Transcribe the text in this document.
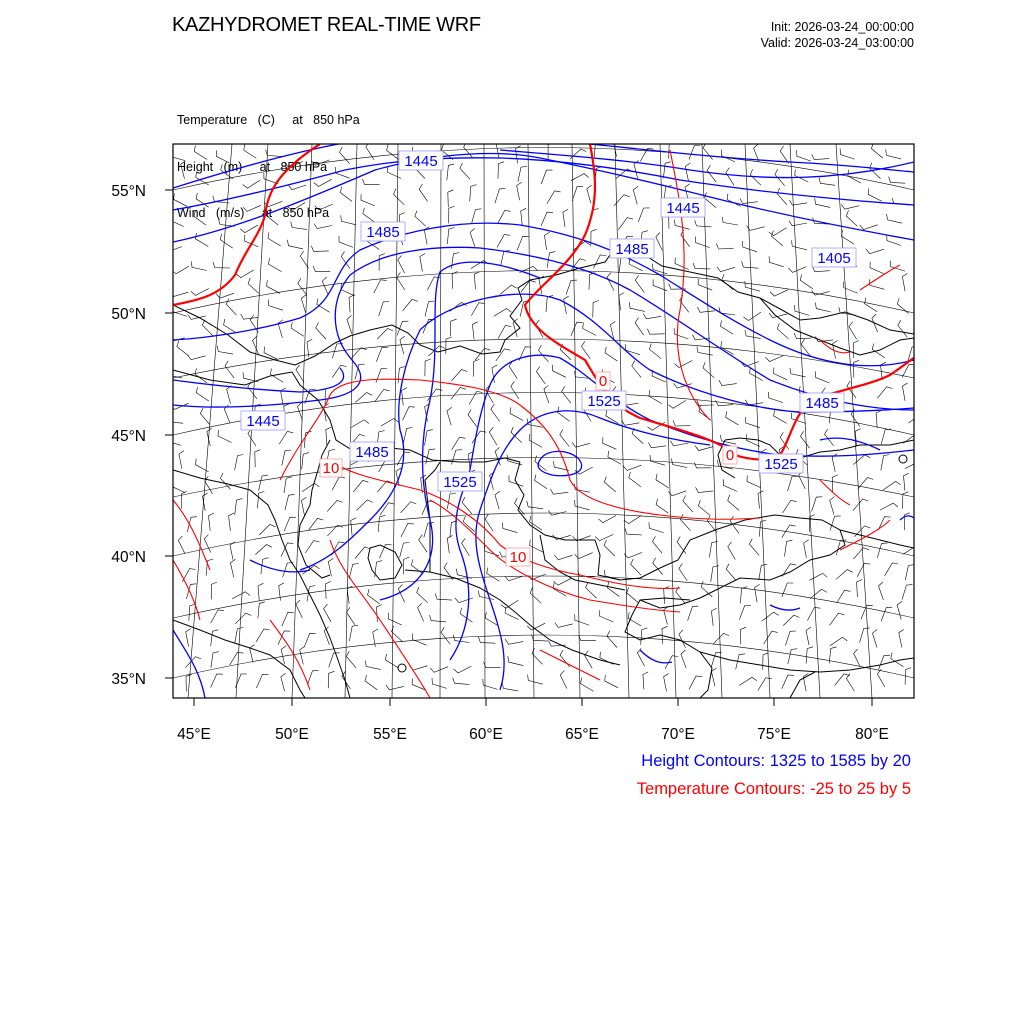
KAZHYDROMET REAL-TIME WRF	Init: 2026-03-24_00:00:00
Valid: 2026-03-24_03:00:00

Temperature   (C)     at   850 hPa

Height   (m)     at   850 hPa

Wind   (m/s)     at   850 hPa

55°N
50°N
45°N
40°N
35°N
45°E	50°E	55°E	60°E	65°E	70°E	75°E	80°E
1445
1485
1445
1485
1405
1445
1485
1525
1485
1525
1525
0
10
10
0
Height Contours: 1325 to 1585 by 20
Temperature Contours: -25 to 25 by 5
